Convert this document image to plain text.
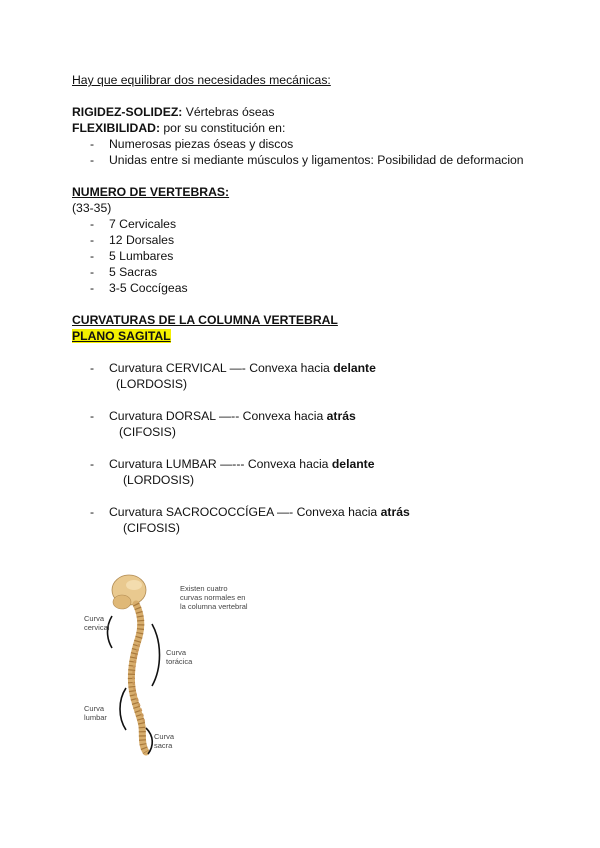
Hay que equilibrar dos necesidades mecánicas:
RIGIDEZ-SOLIDEZ: Vértebras óseas
FLEXIBILIDAD: por su constitución en:
- Numerosas piezas óseas y discos
- Unidas entre si mediante músculos y ligamentos: Posibilidad de deformacion
NUMERO DE VERTEBRAS:
(33-35)
- 7 Cervicales
- 12 Dorsales
- 5 Lumbares
- 5 Sacras
- 3-5 Coccígeas
CURVATURAS DE LA COLUMNA VERTEBRAL
PLANO SAGITAL
- Curvatura CERVICAL —- Convexa hacia delante
(LORDOSIS)
- Curvatura DORSAL —-- Convexa hacia atrás
(CIFOSIS)
- Curvatura LUMBAR —--- Convexa hacia delante
(LORDOSIS)
- Curvatura SACROCOCCÍGEA —- Convexa hacia atrás
(CIFOSIS)
Existen cuatro
curvas normales en
la columna vertebral
Curva
cervical
Curva
torácica
Curva
lumbar
Curva
sacra
